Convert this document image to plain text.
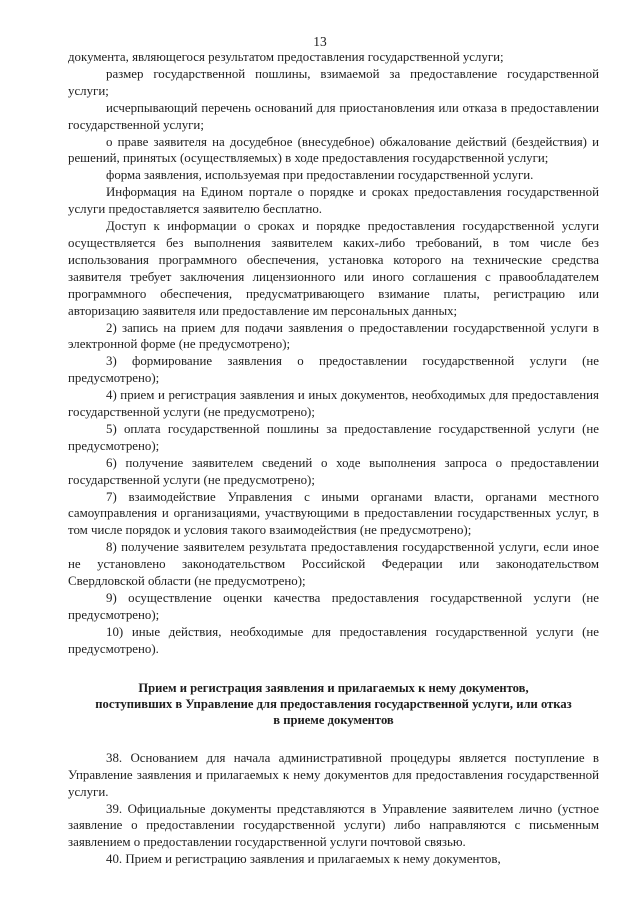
13

документа, являющегося результатом предоставления государственной услуги;

размер государственной пошлины, взимаемой за предоставление государственной услуги;

исчерпывающий перечень оснований для приостановления или отказа в предоставлении государственной услуги;

о праве заявителя на досудебное (внесудебное) обжалование действий (бездействия) и решений, принятых (осуществляемых) в ходе предоставления государственной услуги;

форма заявления, используемая при предоставлении государственной услуги.

Информация на Едином портале о порядке и сроках предоставления государственной услуги предоставляется заявителю бесплатно.

Доступ к информации о сроках и порядке предоставления государственной услуги осуществляется без выполнения заявителем каких-либо требований, в том числе без использования программного обеспечения, установка которого на технические средства заявителя требует заключения лицензионного или иного соглашения с правообладателем программного обеспечения, предусматривающего взимание платы, регистрацию или авторизацию заявителя или предоставление им персональных данных;

2) запись на прием для подачи заявления о предоставлении государственной услуги в электронной форме (не предусмотрено);

3) формирование заявления о предоставлении государственной услуги (не предусмотрено);

4) прием и регистрация заявления и иных документов, необходимых для предоставления государственной услуги (не предусмотрено);

5) оплата государственной пошлины за предоставление государственной услуги (не предусмотрено);

6) получение заявителем сведений о ходе выполнения запроса о предоставлении государственной услуги (не предусмотрено);

7) взаимодействие Управления с иными органами власти, органами местного самоуправления и организациями, участвующими в предоставлении государственных услуг, в том числе порядок и условия такого взаимодействия (не предусмотрено);

8) получение заявителем результата предоставления государственной услуги, если иное не установлено законодательством Российской Федерации или законодательством Свердловской области (не предусмотрено);

9) осуществление оценки качества предоставления государственной услуги (не предусмотрено);

10) иные действия, необходимые для предоставления государственной услуги (не предусмотрено).

Прием и регистрация заявления и прилагаемых к нему документов,
поступивших в Управление для предоставления государственной услуги, или отказ
в приеме документов

38. Основанием для начала административной процедуры является поступление в Управление заявления и прилагаемых к нему документов для предоставления государственной услуги.

39. Официальные документы представляются в Управление заявителем лично (устное заявление о предоставлении государственной услуги) либо направляются с письменным заявлением о предоставлении государственной услуги почтовой связью.

40. Прием и регистрацию заявления и прилагаемых к нему документов,
